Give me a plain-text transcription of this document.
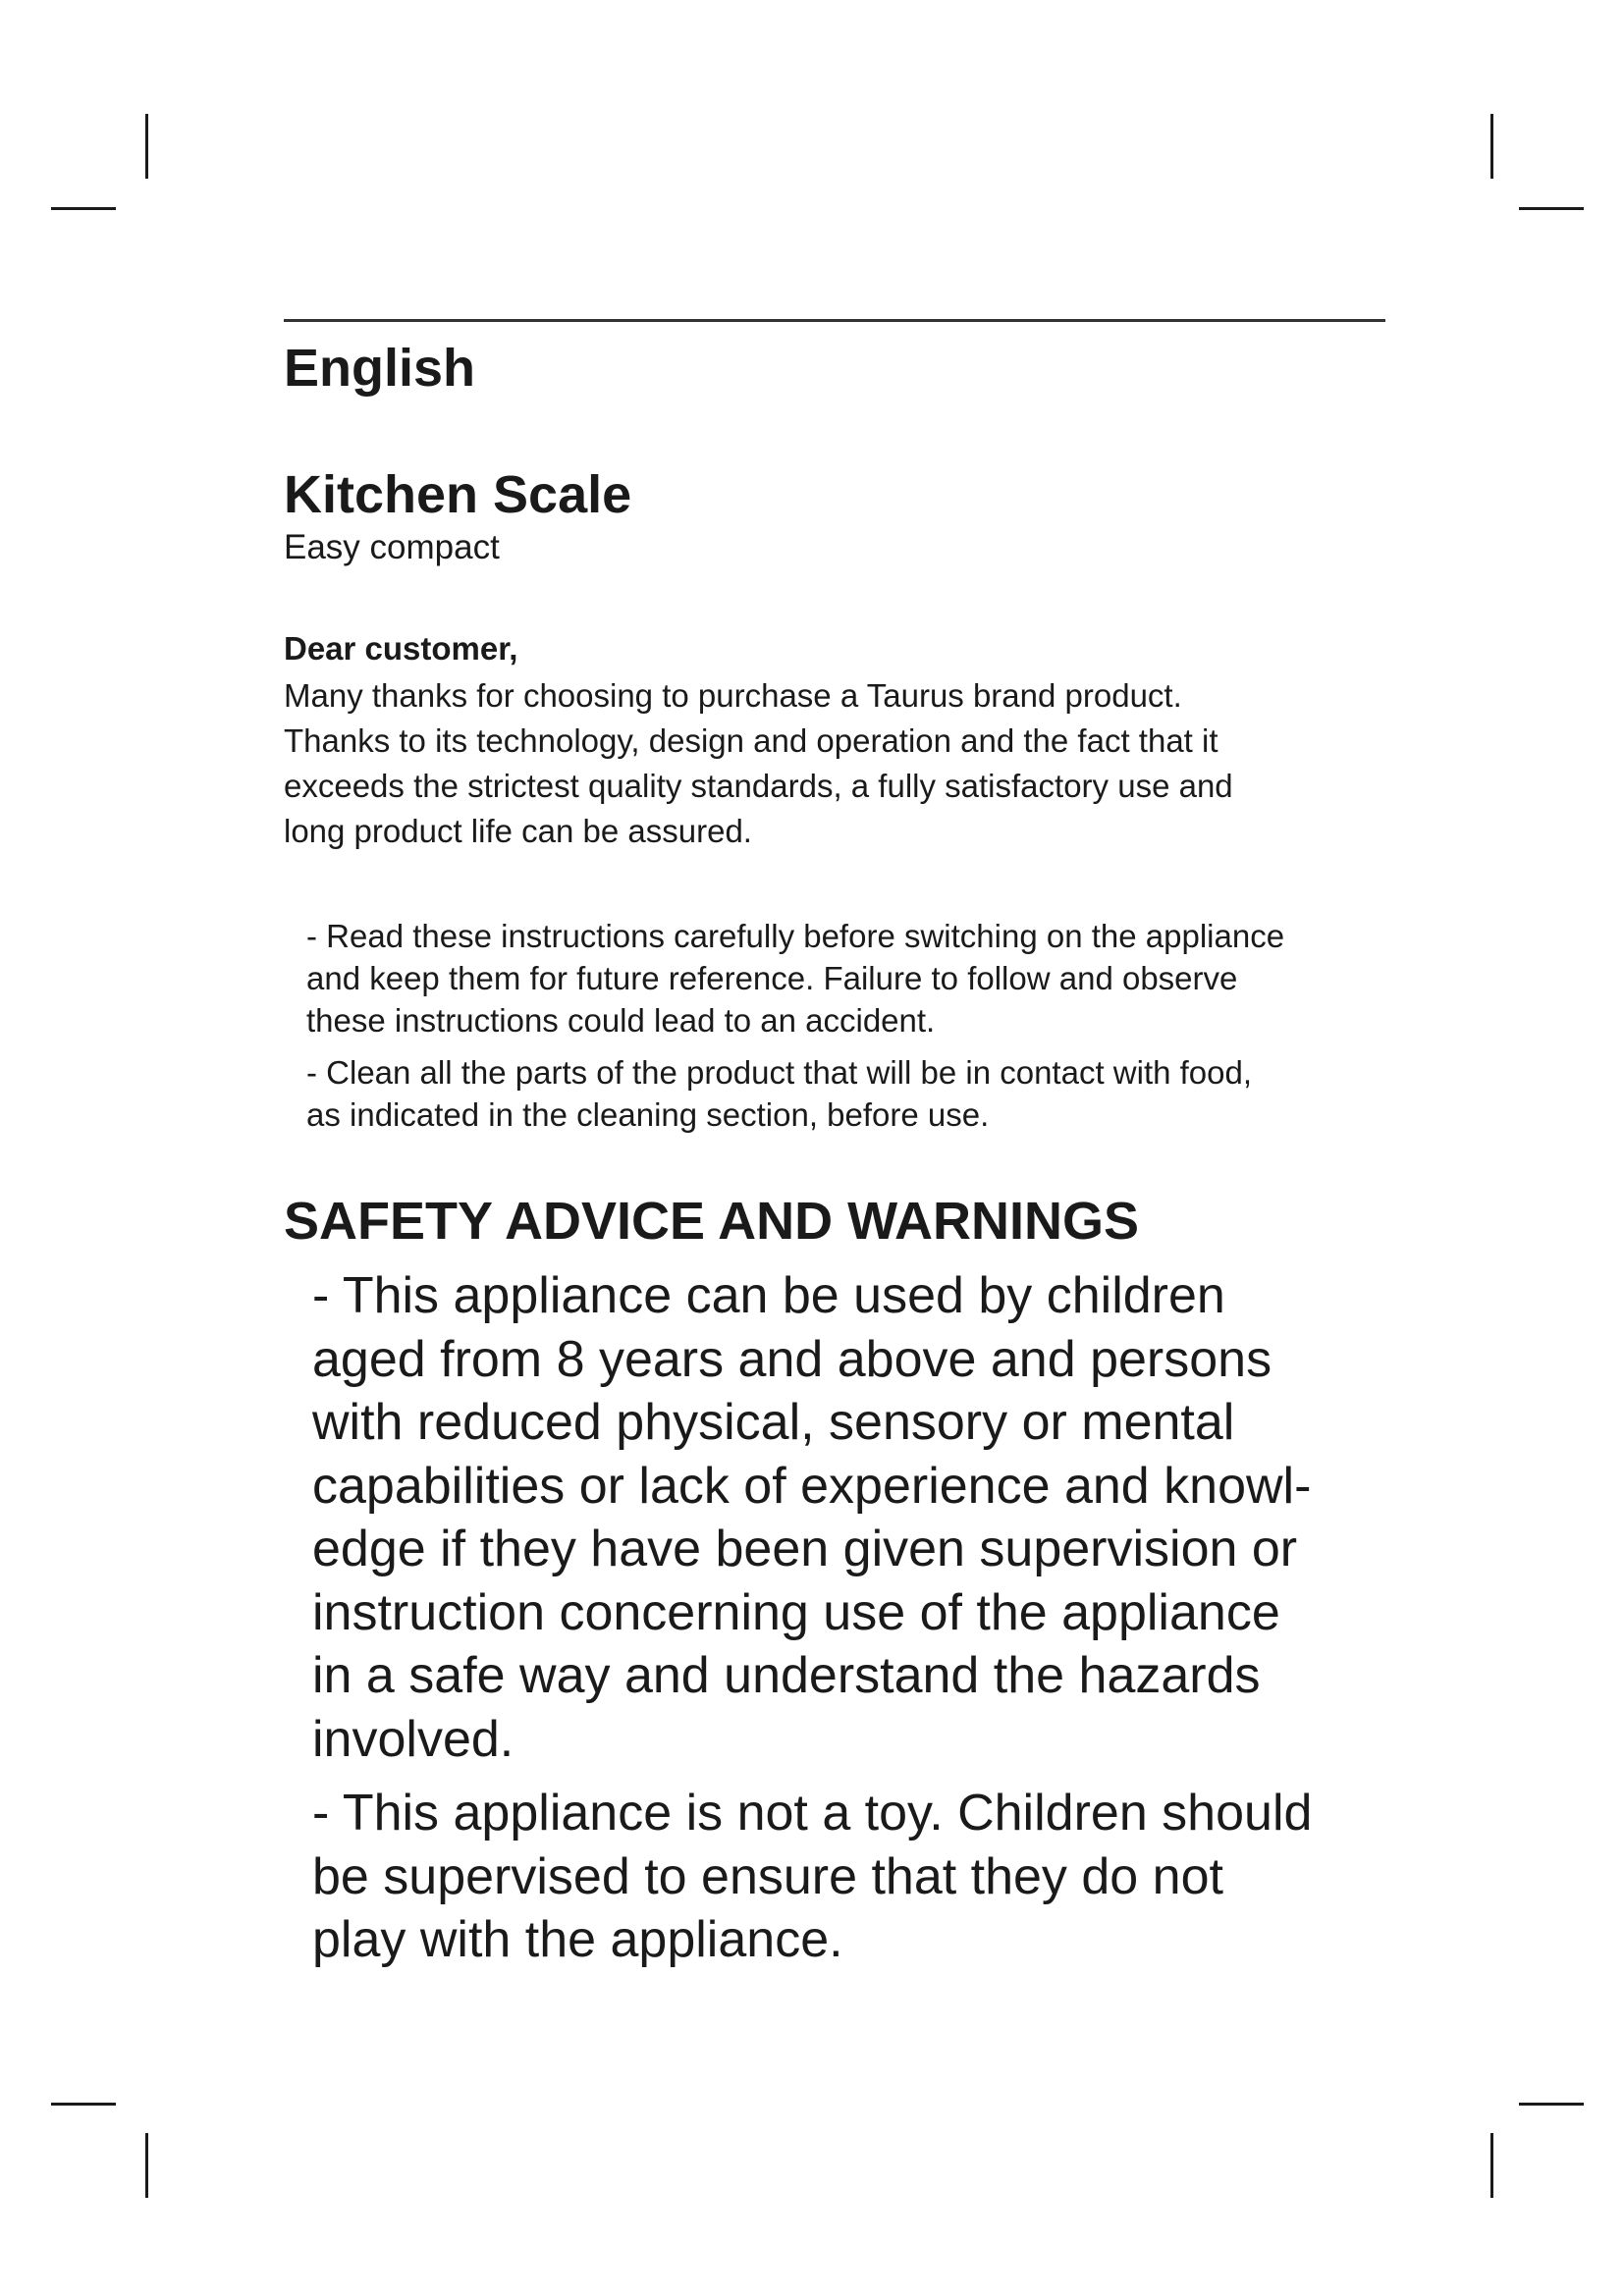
English
Kitchen Scale

Easy compact

Dear customer,

Many thanks for choosing to purchase a Taurus brand product.
Thanks to its technology, design and operation and the fact that it
exceeds the strictest quality standards, a fully satisfactory use and
long product life can be assured.

- Read these instructions carefully before switching on the appliance
and keep them for future reference. Failure to follow and observe
these instructions could lead to an accident.

- Clean all the parts of the product that will be in contact with food,
as indicated in the cleaning section, before use.

SAFETY ADVICE AND WARNINGS

- This appliance can be used by children
aged from 8 years and above and persons
with reduced physical, sensory or mental
capabilities or lack of experience and knowl-
edge if they have been given supervision or
instruction concerning use of the appliance
in a safe way and understand the hazards
involved.

- This appliance is not a toy. Children should
be supervised to ensure that they do not
play with the appliance.
